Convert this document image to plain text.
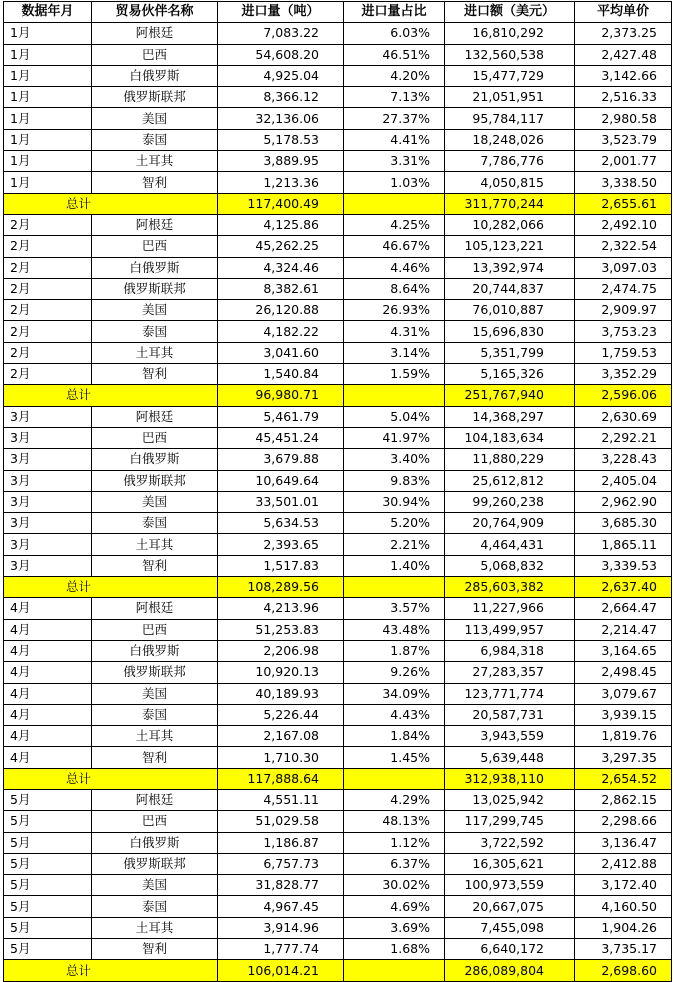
数据年月	贸易伙伴名称	进口量（吨）	进口量占比	进口额（美元）	平均单价
1月	阿根廷	7,083.22	6.03%	16,810,292	2,373.25
1月	巴西	54,608.20	46.51%	132,560,538	2,427.48
1月	白俄罗斯	4,925.04	4.20%	15,477,729	3,142.66
1月	俄罗斯联邦	8,366.12	7.13%	21,051,951	2,516.33
1月	美国	32,136.06	27.37%	95,784,117	2,980.58
1月	泰国	5,178.53	4.41%	18,248,026	3,523.79
1月	土耳其	3,889.95	3.31%	7,786,776	2,001.77
1月	智利	1,213.36	1.03%	4,050,815	3,338.50
总计		117,400.49		311,770,244	2,655.61
2月	阿根廷	4,125.86	4.25%	10,282,066	2,492.10
2月	巴西	45,262.25	46.67%	105,123,221	2,322.54
2月	白俄罗斯	4,324.46	4.46%	13,392,974	3,097.03
2月	俄罗斯联邦	8,382.61	8.64%	20,744,837	2,474.75
2月	美国	26,120.88	26.93%	76,010,887	2,909.97
2月	泰国	4,182.22	4.31%	15,696,830	3,753.23
2月	土耳其	3,041.60	3.14%	5,351,799	1,759.53
2月	智利	1,540.84	1.59%	5,165,326	3,352.29
总计		96,980.71		251,767,940	2,596.06
3月	阿根廷	5,461.79	5.04%	14,368,297	2,630.69
3月	巴西	45,451.24	41.97%	104,183,634	2,292.21
3月	白俄罗斯	3,679.88	3.40%	11,880,229	3,228.43
3月	俄罗斯联邦	10,649.64	9.83%	25,612,812	2,405.04
3月	美国	33,501.01	30.94%	99,260,238	2,962.90
3月	泰国	5,634.53	5.20%	20,764,909	3,685.30
3月	土耳其	2,393.65	2.21%	4,464,431	1,865.11
3月	智利	1,517.83	1.40%	5,068,832	3,339.53
总计		108,289.56		285,603,382	2,637.40
4月	阿根廷	4,213.96	3.57%	11,227,966	2,664.47
4月	巴西	51,253.83	43.48%	113,499,957	2,214.47
4月	白俄罗斯	2,206.98	1.87%	6,984,318	3,164.65
4月	俄罗斯联邦	10,920.13	9.26%	27,283,357	2,498.45
4月	美国	40,189.93	34.09%	123,771,774	3,079.67
4月	泰国	5,226.44	4.43%	20,587,731	3,939.15
4月	土耳其	2,167.08	1.84%	3,943,559	1,819.76
4月	智利	1,710.30	1.45%	5,639,448	3,297.35
总计		117,888.64		312,938,110	2,654.52
5月	阿根廷	4,551.11	4.29%	13,025,942	2,862.15
5月	巴西	51,029.58	48.13%	117,299,745	2,298.66
5月	白俄罗斯	1,186.87	1.12%	3,722,592	3,136.47
5月	俄罗斯联邦	6,757.73	6.37%	16,305,621	2,412.88
5月	美国	31,828.77	30.02%	100,973,559	3,172.40
5月	泰国	4,967.45	4.69%	20,667,075	4,160.50
5月	土耳其	3,914.96	3.69%	7,455,098	1,904.26
5月	智利	1,777.74	1.68%	6,640,172	3,735.17
总计		106,014.21		286,089,804	2,698.60
